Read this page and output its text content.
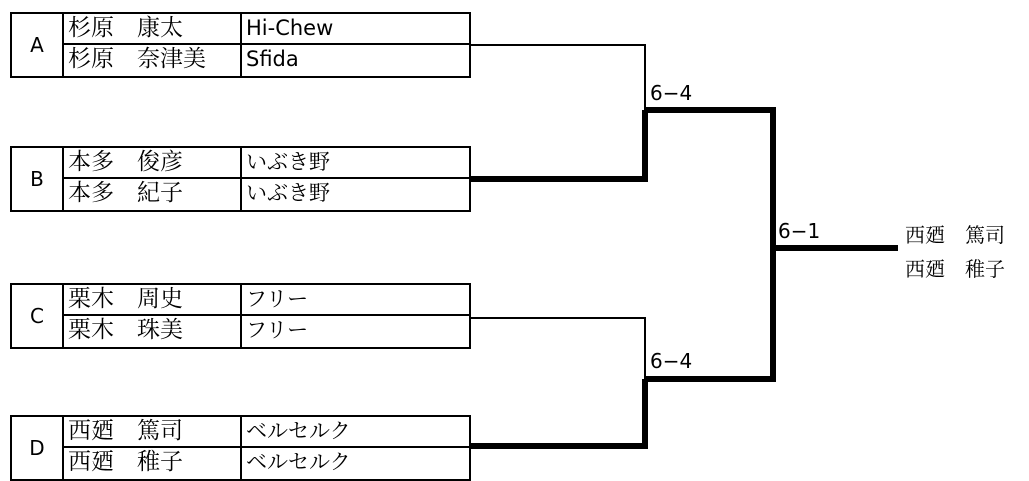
A
杉原　康太	Hi-Chew
杉原　奈津美	Sfida
B
本多　俊彦	いぶき野
本多　紀子	いぶき野
C
栗木　周史	フリー
栗木　珠美	フリー
D
西廼　篤司	ベルセルク
西廼　稚子	ベルセルク
6−4
6−4
6−1	西廼　篤司
西廼　稚子
